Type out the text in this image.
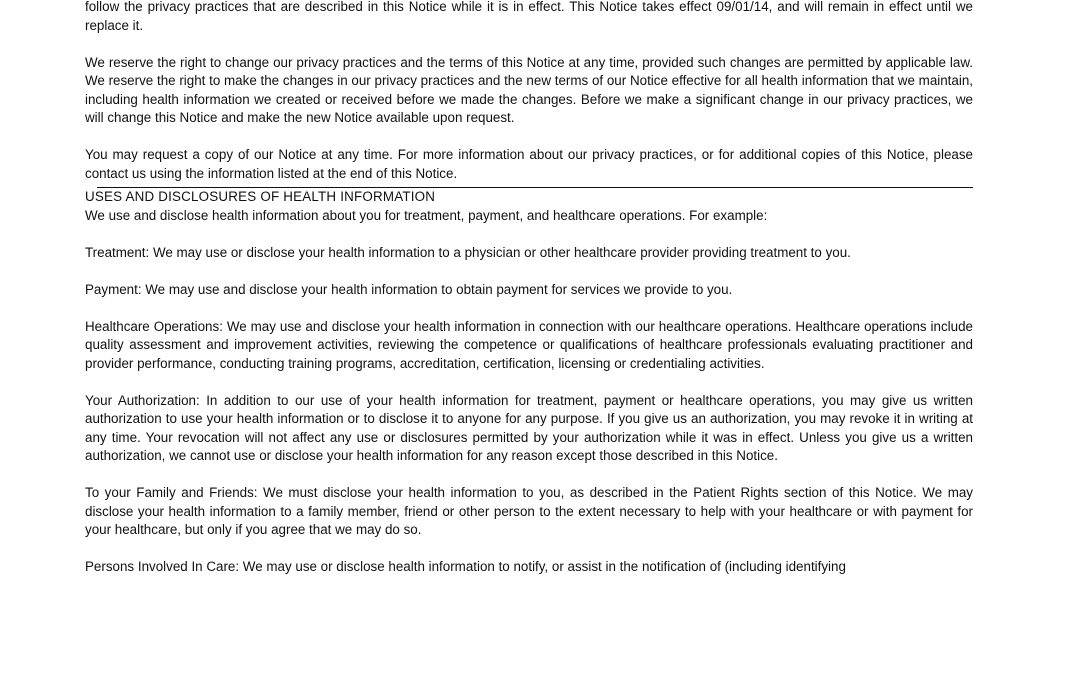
follow the privacy practices that are described in this Notice while it is in effect. This Notice takes effect 09/01/14, and will remain in effect until we replace it.

We reserve the right to change our privacy practices and the terms of this Notice at any time, provided such changes are permitted by applicable law. We reserve the right to make the changes in our privacy practices and the new terms of our Notice effective for all health information that we maintain, including health information we created or received before we made the changes. Before we make a significant change in our privacy practices, we will change this Notice and make the new Notice available upon request.

You may request a copy of our Notice at any time. For more information about our privacy practices, or for additional copies of this Notice, please contact us using the information listed at the end of this Notice.

USES AND DISCLOSURES OF HEALTH INFORMATION

We use and disclose health information about you for treatment, payment, and healthcare operations. For example:

Treatment: We may use or disclose your health information to a physician or other healthcare provider providing treatment to you.

Payment: We may use and disclose your health information to obtain payment for services we provide to you.

Healthcare Operations: We may use and disclose your health information in connection with our healthcare operations. Healthcare operations include quality assessment and improvement activities, reviewing the competence or qualifications of healthcare professionals evaluating practitioner and provider performance, conducting training programs, accreditation, certification, licensing or credentialing activities.

Your Authorization: In addition to our use of your health information for treatment, payment or healthcare operations, you may give us written authorization to use your health information or to disclose it to anyone for any purpose. If you give us an authorization, you may revoke it in writing at any time. Your revocation will not affect any use or disclosures permitted by your authorization while it was in effect. Unless you give us a written authorization, we cannot use or disclose your health information for any reason except those described in this Notice.

To your Family and Friends: We must disclose your health information to you, as described in the Patient Rights section of this Notice. We may disclose your health information to a family member, friend or other person to the extent necessary to help with your healthcare or with payment for your healthcare, but only if you agree that we may do so.

Persons Involved In Care: We may use or disclose health information to notify, or assist in the notification of (including identifying
